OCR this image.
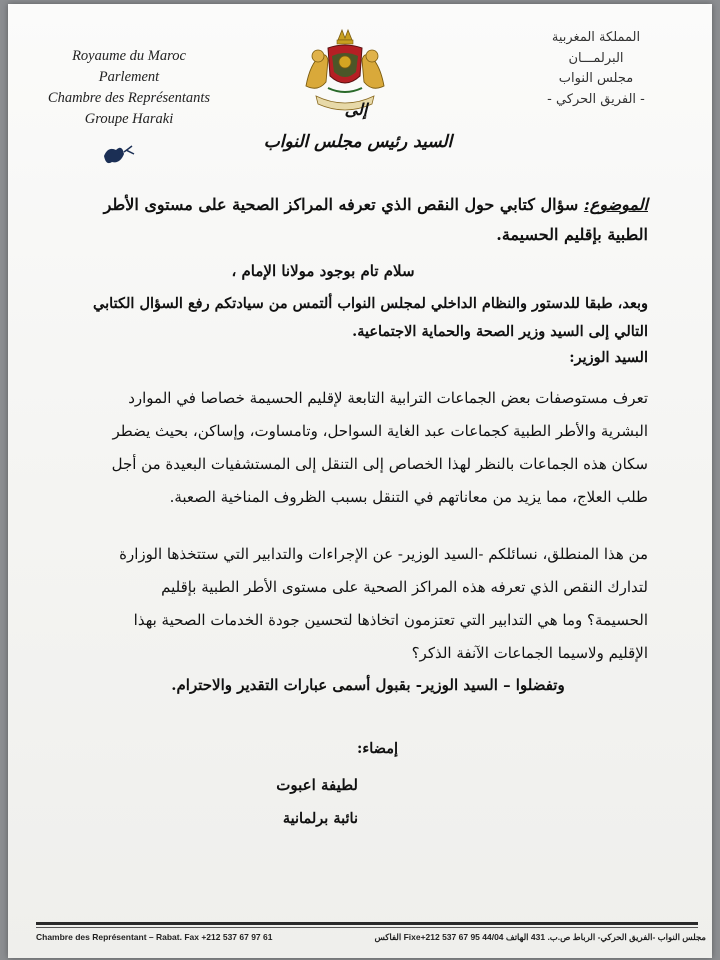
Royaume du Maroc
Parlement
Chambre des Représentants
Groupe Haraki
المملكة المغربية
البرلمـــان
مجلس النواب
- الفريق الحركي -
إلى
السيد رئيس مجلس النواب
الموضوع: سؤال كتابي حول النقص الذي تعرفه المراكز الصحية على مستوى الأطر الطبية بإقليم الحسيمة.
سلام تام بوجود مولانا الإمام ،
وبعد، طبقا للدستور والنظام الداخلي لمجلس النواب ألتمس من سيادتكم رفع السؤال الكتابي التالي إلى السيد وزير الصحة والحماية الاجتماعية.
السيد الوزير:
تعرف مستوصفات بعض الجماعات الترابية التابعة لإقليم الحسيمة خصاصا في الموارد البشرية والأطر الطبية كجماعات عبد الغاية السواحل، وتامساوت، وإساكن، بحيث يضطر سكان هذه الجماعات بالنظر لهذا الخصاص إلى التنقل إلى المستشفيات البعيدة من أجل طلب العلاج، مما يزيد من معاناتهم في التنقل بسبب الظروف المناخية الصعبة.
من هذا المنطلق، نسائلكم -السيد الوزير- عن الإجراءات والتدابير التي ستتخذها الوزارة لتدارك النقص الذي تعرفه هذه المراكز الصحية على مستوى الأطر الطبية بإقليم الحسيمة؟ وما هي التدابير التي تعتزمون اتخاذها لتحسين جودة الخدمات الصحية بهذا الإقليم ولاسيما الجماعات الآنفة الذكر؟
وتفضلوا – السيد الوزير- بقبول أسمى عبارات التقدير والاحترام.
إمضاء:
لطيفة اعبوت
نائبة برلمانية
Chambre des Représentant – Rabat. Fax +212 537 67 97 61	مجلس النواب -الفريق الحركي- الرباط ص.ب. 431 الهاتف Fixe+212 537 67 95 44/04 الفاكس
